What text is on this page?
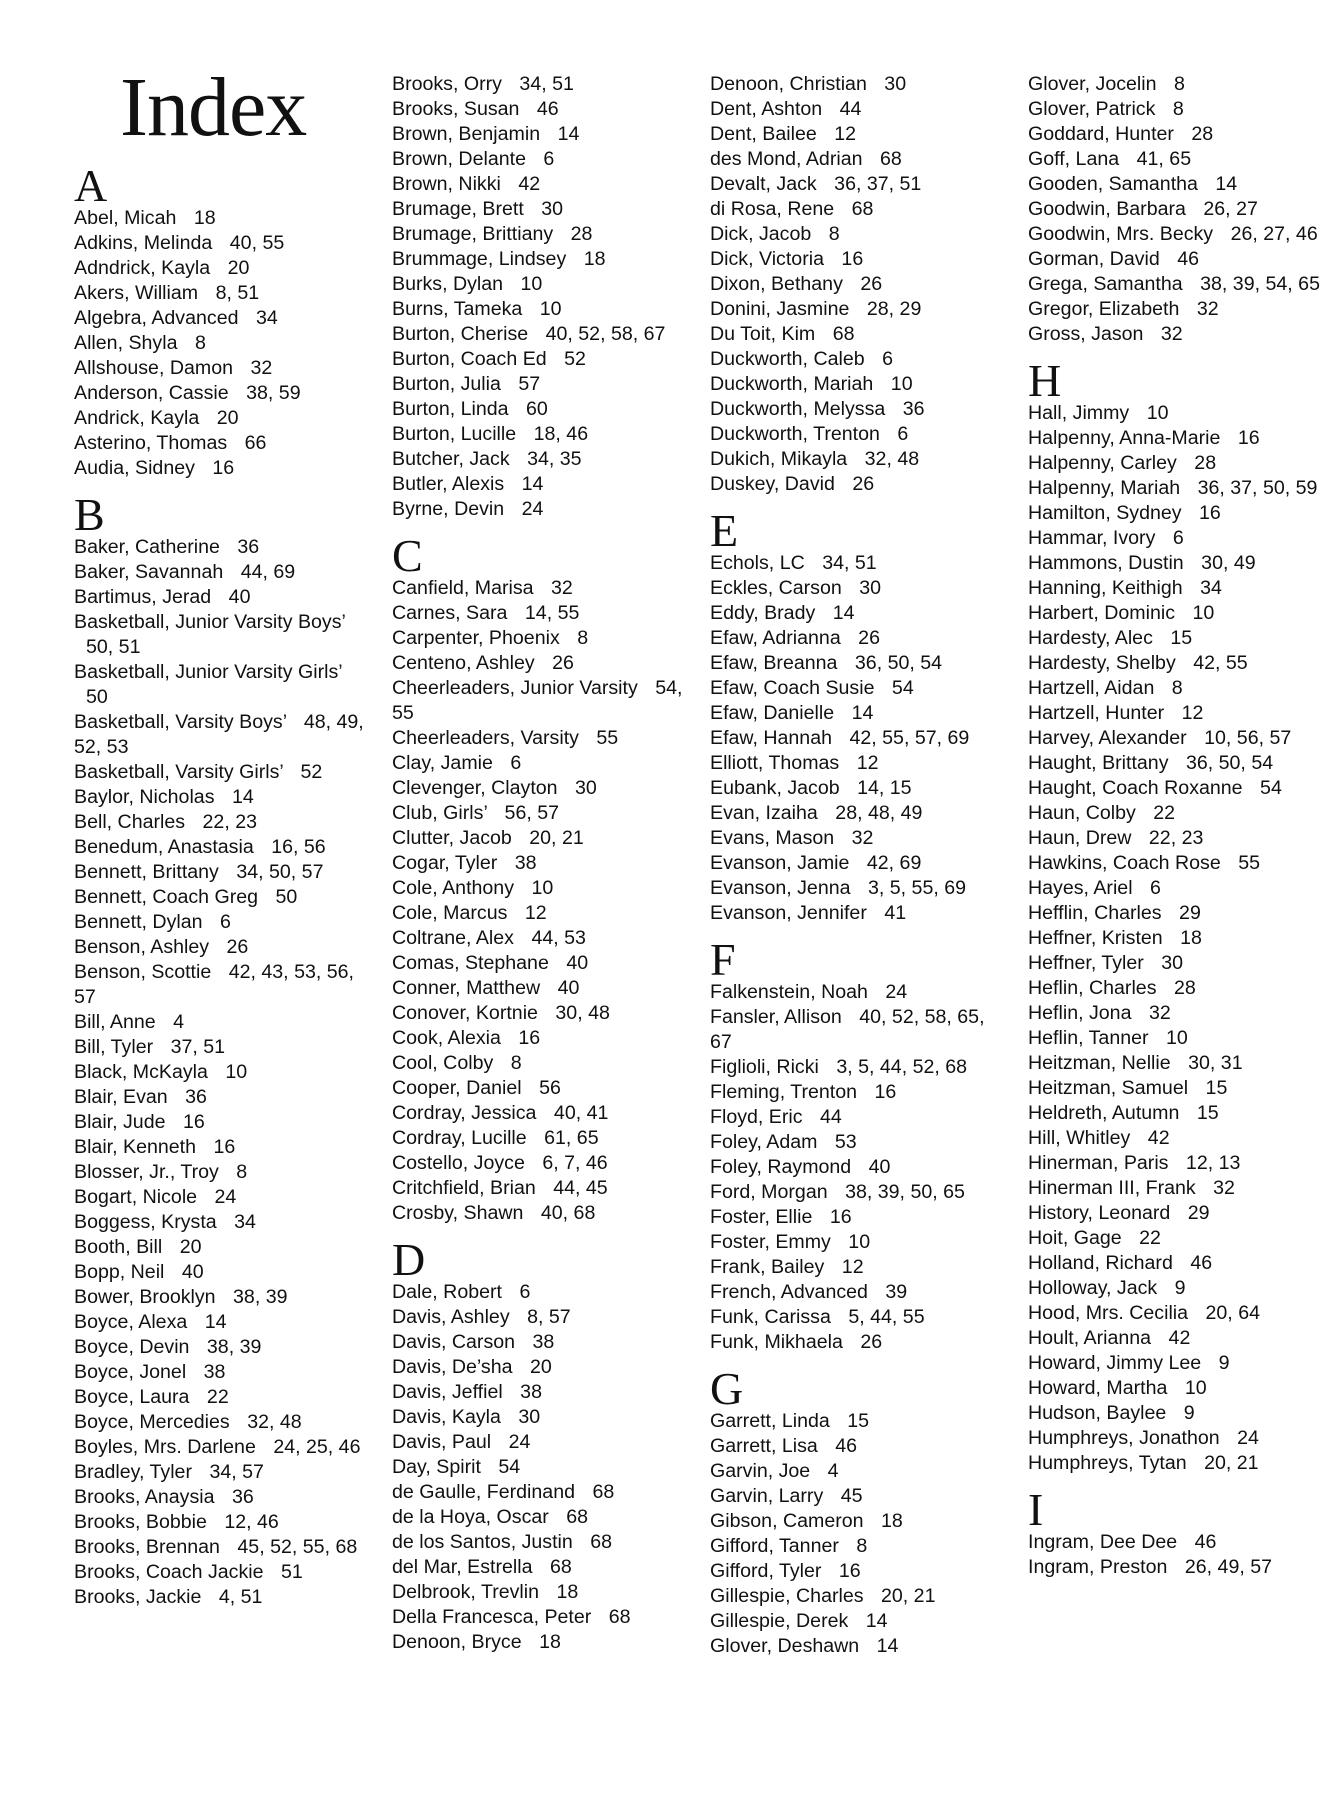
Index
A
Abel, Micah 18
Adkins, Melinda 40, 55
Adndrick, Kayla 20
Akers, William 8, 51
Algebra, Advanced 34
Allen, Shyla 8
Allshouse, Damon 32
Anderson, Cassie 38, 59
Andrick, Kayla 20
Asterino, Thomas 66
Audia, Sidney 16
B
Baker, Catherine 36
Baker, Savannah 44, 69
Bartimus, Jerad 40
Basketball, Junior Varsity Boys’ 50, 51
Basketball, Junior Varsity Girls’ 50
Basketball, Varsity Boys’ 48, 49, 52, 53
Basketball, Varsity Girls’ 52
Baylor, Nicholas 14
Bell, Charles 22, 23
Benedum, Anastasia 16, 56
Bennett, Brittany 34, 50, 57
Bennett, Coach Greg 50
Bennett, Dylan 6
Benson, Ashley 26
Benson, Scottie 42, 43, 53, 56, 57
Bill, Anne 4
Bill, Tyler 37, 51
Black, McKayla 10
Blair, Evan 36
Blair, Jude 16
Blair, Kenneth 16
Blosser, Jr., Troy 8
Bogart, Nicole 24
Boggess, Krysta 34
Booth, Bill 20
Bopp, Neil 40
Bower, Brooklyn 38, 39
Boyce, Alexa 14
Boyce, Devin 38, 39
Boyce, Jonel 38
Boyce, Laura 22
Boyce, Mercedies 32, 48
Boyles, Mrs. Darlene 24, 25, 46
Bradley, Tyler 34, 57
Brooks, Anaysia 36
Brooks, Bobbie 12, 46
Brooks, Brennan 45, 52, 55, 68
Brooks, Coach Jackie 51
Brooks, Jackie 4, 51
Brooks, Orry 34, 51
Brooks, Susan 46
Brown, Benjamin 14
Brown, Delante 6
Brown, Nikki 42
Brumage, Brett 30
Brumage, Brittiany 28
Brummage, Lindsey 18
Burks, Dylan 10
Burns, Tameka 10
Burton, Cherise 40, 52, 58, 67
Burton, Coach Ed 52
Burton, Julia 57
Burton, Linda 60
Burton, Lucille 18, 46
Butcher, Jack 34, 35
Butler, Alexis 14
Byrne, Devin 24
C
Canfield, Marisa 32
Carnes, Sara 14, 55
Carpenter, Phoenix 8
Centeno, Ashley 26
Cheerleaders, Junior Varsity 54, 55
Cheerleaders, Varsity 55
Clay, Jamie 6
Clevenger, Clayton 30
Club, Girls’ 56, 57
Clutter, Jacob 20, 21
Cogar, Tyler 38
Cole, Anthony 10
Cole, Marcus 12
Coltrane, Alex 44, 53
Comas, Stephane 40
Conner, Matthew 40
Conover, Kortnie 30, 48
Cook, Alexia 16
Cool, Colby 8
Cooper, Daniel 56
Cordray, Jessica 40, 41
Cordray, Lucille 61, 65
Costello, Joyce 6, 7, 46
Critchfield, Brian 44, 45
Crosby, Shawn 40, 68
D
Dale, Robert 6
Davis, Ashley 8, 57
Davis, Carson 38
Davis, De’sha 20
Davis, Jeffiel 38
Davis, Kayla 30
Davis, Paul 24
Day, Spirit 54
de Gaulle, Ferdinand 68
de la Hoya, Oscar 68
de los Santos, Justin 68
del Mar, Estrella 68
Delbrook, Trevlin 18
Della Francesca, Peter 68
Denoon, Bryce 18
Denoon, Christian 30
Dent, Ashton 44
Dent, Bailee 12
des Mond, Adrian 68
Devalt, Jack 36, 37, 51
di Rosa, Rene 68
Dick, Jacob 8
Dick, Victoria 16
Dixon, Bethany 26
Donini, Jasmine 28, 29
Du Toit, Kim 68
Duckworth, Caleb 6
Duckworth, Mariah 10
Duckworth, Melyssa 36
Duckworth, Trenton 6
Dukich, Mikayla 32, 48
Duskey, David 26
E
Echols, LC 34, 51
Eckles, Carson 30
Eddy, Brady 14
Efaw, Adrianna 26
Efaw, Breanna 36, 50, 54
Efaw, Coach Susie 54
Efaw, Danielle 14
Efaw, Hannah 42, 55, 57, 69
Elliott, Thomas 12
Eubank, Jacob 14, 15
Evan, Izaiha 28, 48, 49
Evans, Mason 32
Evanson, Jamie 42, 69
Evanson, Jenna 3, 5, 55, 69
Evanson, Jennifer 41
F
Falkenstein, Noah 24
Fansler, Allison 40, 52, 58, 65, 67
Figlioli, Ricki 3, 5, 44, 52, 68
Fleming, Trenton 16
Floyd, Eric 44
Foley, Adam 53
Foley, Raymond 40
Ford, Morgan 38, 39, 50, 65
Foster, Ellie 16
Foster, Emmy 10
Frank, Bailey 12
French, Advanced 39
Funk, Carissa 5, 44, 55
Funk, Mikhaela 26
G
Garrett, Linda 15
Garrett, Lisa 46
Garvin, Joe 4
Garvin, Larry 45
Gibson, Cameron 18
Gifford, Tanner 8
Gifford, Tyler 16
Gillespie, Charles 20, 21
Gillespie, Derek 14
Glover, Deshawn 14
Glover, Jocelin 8
Glover, Patrick 8
Goddard, Hunter 28
Goff, Lana 41, 65
Gooden, Samantha 14
Goodwin, Barbara 26, 27
Goodwin, Mrs. Becky 26, 27, 46
Gorman, David 46
Grega, Samantha 38, 39, 54, 65
Gregor, Elizabeth 32
Gross, Jason 32
H
Hall, Jimmy 10
Halpenny, Anna-Marie 16
Halpenny, Carley 28
Halpenny, Mariah 36, 37, 50, 59
Hamilton, Sydney 16
Hammar, Ivory 6
Hammons, Dustin 30, 49
Hanning, Keithigh 34
Harbert, Dominic 10
Hardesty, Alec 15
Hardesty, Shelby 42, 55
Hartzell, Aidan 8
Hartzell, Hunter 12
Harvey, Alexander 10, 56, 57
Haught, Brittany 36, 50, 54
Haught, Coach Roxanne 54
Haun, Colby 22
Haun, Drew 22, 23
Hawkins, Coach Rose 55
Hayes, Ariel 6
Hefflin, Charles 29
Heffner, Kristen 18
Heffner, Tyler 30
Heflin, Charles 28
Heflin, Jona 32
Heflin, Tanner 10
Heitzman, Nellie 30, 31
Heitzman, Samuel 15
Heldreth, Autumn 15
Hill, Whitley 42
Hinerman, Paris 12, 13
Hinerman III, Frank 32
History, Leonard 29
Hoit, Gage 22
Holland, Richard 46
Holloway, Jack 9
Hood, Mrs. Cecilia 20, 64
Hoult, Arianna 42
Howard, Jimmy Lee 9
Howard, Martha 10
Hudson, Baylee 9
Humphreys, Jonathon 24
Humphreys, Tytan 20, 21
I
Ingram, Dee Dee 46
Ingram, Preston 26, 49, 57
